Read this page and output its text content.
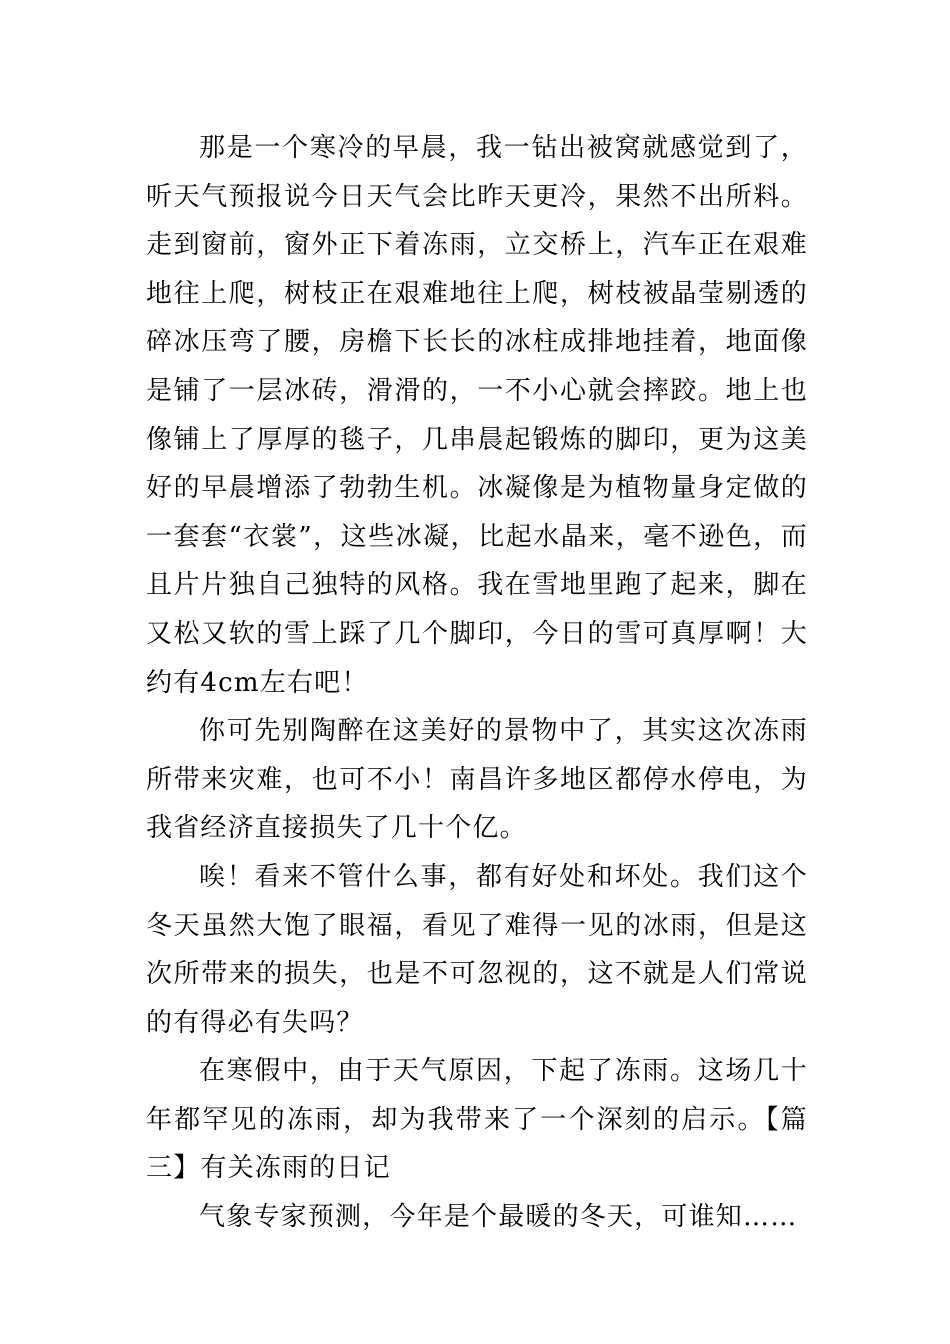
那是一个寒冷的早晨，我一钻出被窝就感觉到了，听天气预报说今日天气会比昨天更冷，果然不出所料。走到窗前，窗外正下着冻雨，立交桥上，汽车正在艰难地往上爬，树枝正在艰难地往上爬，树枝被晶莹剔透的碎冰压弯了腰，房檐下长长的冰柱成排地挂着，地面像是铺了一层冰砖，滑滑的，一不小心就会摔跤。地上也像铺上了厚厚的毯子，几串晨起锻炼的脚印，更为这美好的早晨增添了勃勃生机。冰凝像是为植物量身定做的一套套“衣裳”，这些冰凝，比起水晶来，毫不逊色，而且片片独自己独特的风格。我在雪地里跑了起来，脚在又松又软的雪上踩了几个脚印，今日的雪可真厚啊！大约有4cm左右吧！

你可先别陶醉在这美好的景物中了，其实这次冻雨所带来灾难，也可不小！南昌许多地区都停水停电，为我省经济直接损失了几十个亿。

唉！看来不管什么事，都有好处和坏处。我们这个冬天虽然大饱了眼福，看见了难得一见的冰雨，但是这次所带来的损失，也是不可忽视的，这不就是人们常说的有得必有失吗？

在寒假中，由于天气原因，下起了冻雨。这场几十年都罕见的冻雨，却为我带来了一个深刻的启示。【篇三】有关冻雨的日记

气象专家预测，今年是个最暖的冬天，可谁知……
